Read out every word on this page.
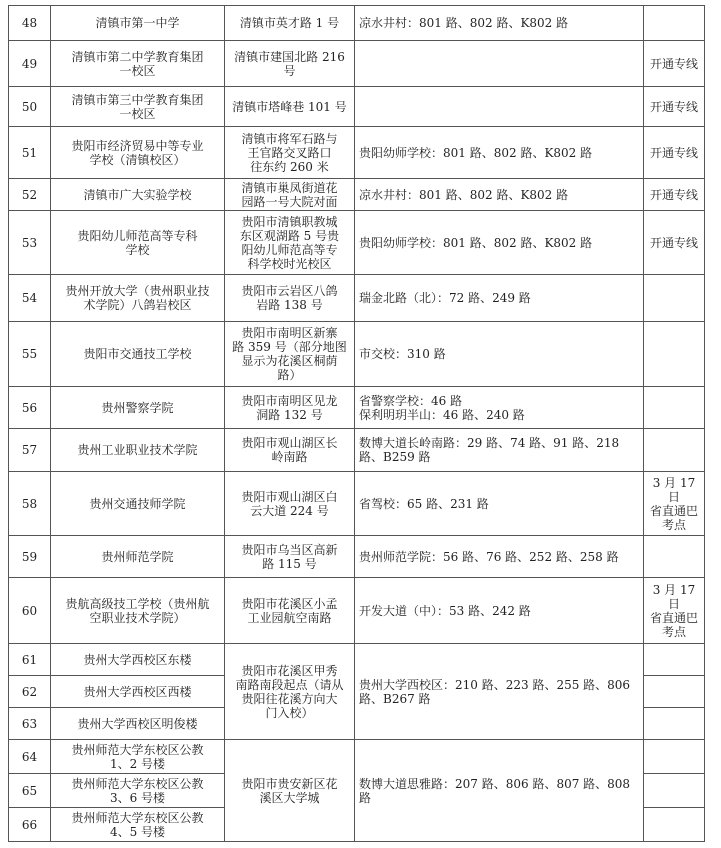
48	清镇市第一中学	清镇市英才路 1 号	凉水井村：801 路、802 路、K802 路	
49	清镇市第二中学教育集团
一校区	清镇市建国北路 216
号		开通专线
50	清镇市第三中学教育集团
一校区	清镇市塔峰巷 101 号		开通专线
51	贵阳市经济贸易中等专业
学校（清镇校区）	清镇市将军石路与
王官路交叉路口
往东约 260 米	贵阳幼师学校：801 路、802 路、K802 路	开通专线
52	清镇市广大实验学校	清镇市巢凤街道花
园路一号大院对面	凉水井村：801 路、802 路、K802 路	开通专线
53	贵阳幼儿师范高等专科
学校	贵阳市清镇职教城
东区观湖路 5 号贵
阳幼儿师范高等专
科学校时光校区	贵阳幼师学校：801 路、802 路、K802 路	开通专线
54	贵州开放大学（贵州职业技
术学院）八鸽岩校区	贵阳市云岩区八鸽
岩路 138 号	瑞金北路（北）：72 路、249 路	
55	贵阳市交通技工学校	贵阳市南明区新寨
路 359 号（部分地图
显示为花溪区桐荫
路）	市交校：310 路	
56	贵州警察学院	贵阳市南明区见龙
洞路 132 号	省警察学校：46 路
保利明玥半山：46 路、240 路	
57	贵州工业职业技术学院	贵阳市观山湖区长
岭南路	数博大道长岭南路：29 路、74 路、91 路、218
路、B259 路	
58	贵州交通技师学院	贵阳市观山湖区白
云大道 224 号	省驾校：65 路、231 路	3 月 17 日
省直通巴
考点
59	贵州师范学院	贵阳市乌当区高新
路 115 号	贵州师范学院：56 路、76 路、252 路、258 路	
60	贵航高级技工学校（贵州航
空职业技术学院）	贵阳市花溪区小孟
工业园航空南路	开发大道（中）：53 路、242 路	3 月 17 日
省直通巴
考点
61	贵州大学西校区东楼	贵阳市花溪区甲秀
南路南段起点（请从
贵阳往花溪方向大
门入校）	贵州大学西校区：210 路、223 路、255 路、806
路、B267 路	
62	贵州大学西校区西楼			
63	贵州大学西校区明俊楼			
64	贵州师范大学东校区公教
1、2 号楼	贵阳市贵安新区花
溪区大学城	数博大道思雅路：207 路、806 路、807 路、808
路	
65	贵州师范大学东校区公教
3、6 号楼			
66	贵州师范大学东校区公教
4、5 号楼			
